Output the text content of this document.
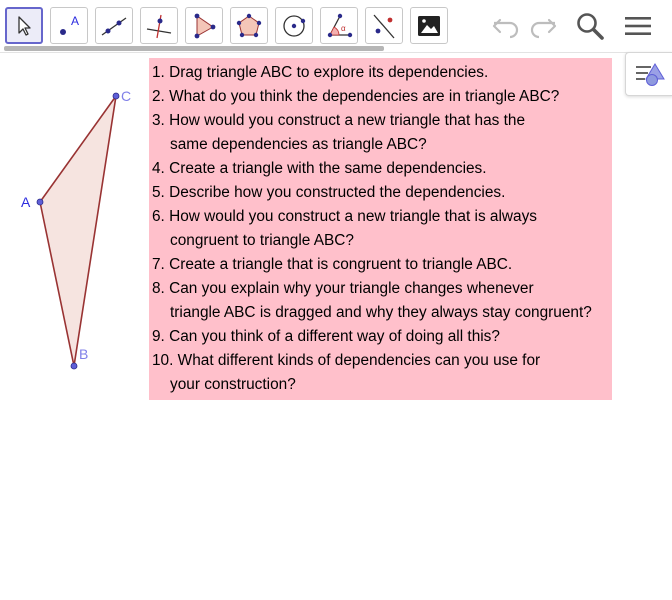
A
α
A
B
C
1. Drag triangle ABC to explore its dependencies.
2. What do you think the dependencies are in triangle ABC?
3. How would you construct a new triangle that has the
same dependencies as triangle ABC?
4. Create a triangle with the same dependencies.
5. Describe how you constructed the dependencies.
6. How would you construct a new triangle that is always
congruent to triangle ABC?
7. Create a triangle that is congruent to triangle ABC.
8. Can you explain why your triangle changes whenever
triangle ABC is dragged and why they always stay congruent?
9. Can you think of a different way of doing all this?
10. What different kinds of dependencies can you use for
your construction?
